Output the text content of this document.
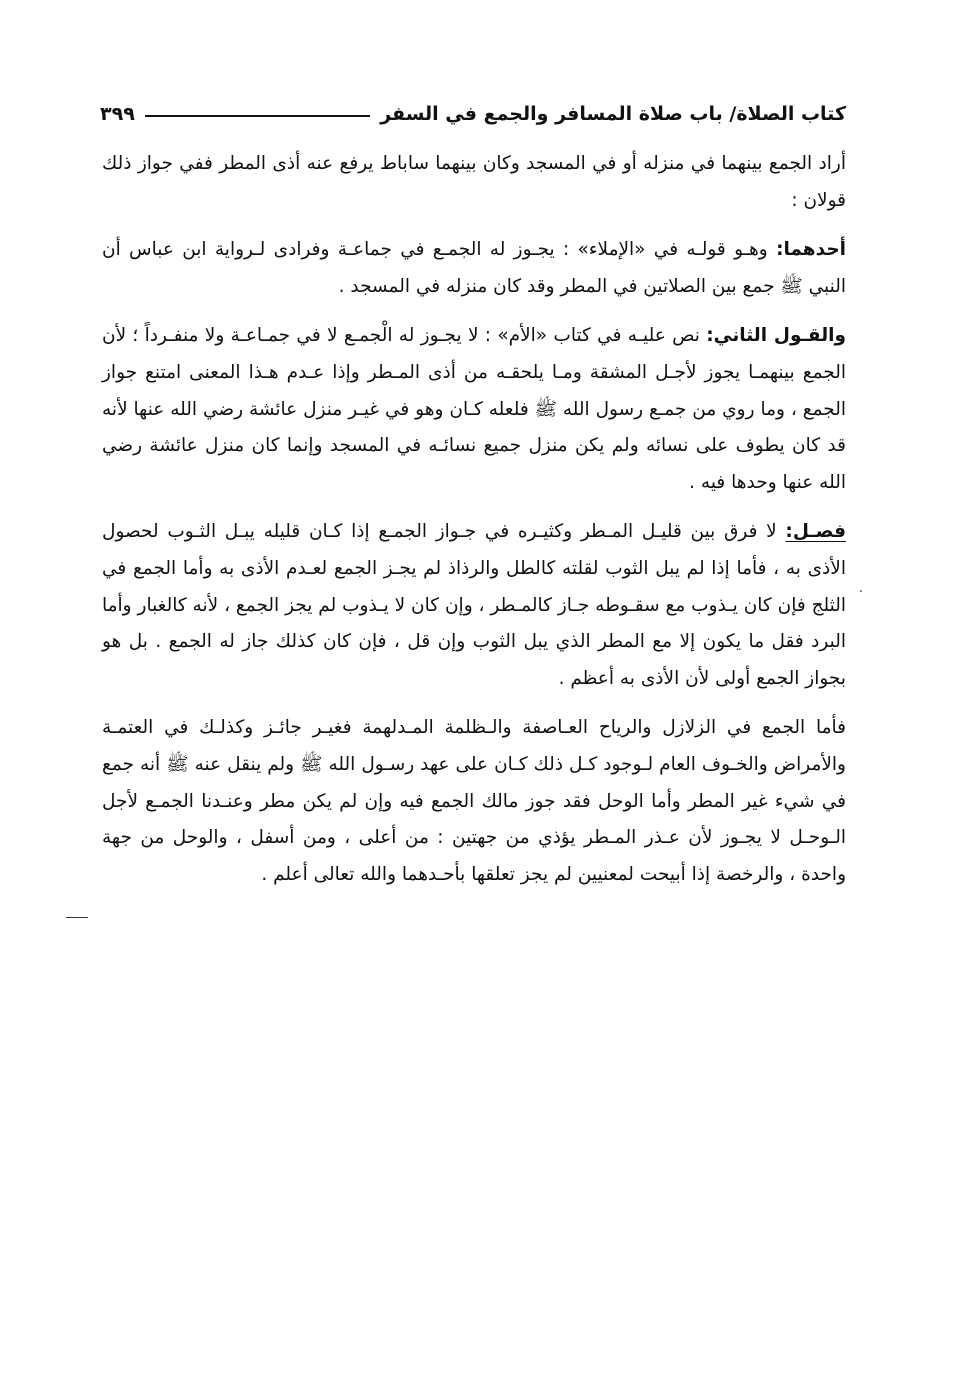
كتاب الصلاة/ باب صلاة المسافر والجمع في السفر
٣٩٩

أراد الجمع بينهما في منزله أو في المسجد وكان بينهما ساباط يرفع عنه أذى المطر ففي جواز ذلك قولان :

أحدهما: وهـو قولـه في «الإملاء» : يجـوز له الجمـع في جماعـة وفرادى لـرواية ابن عباس أن النبي ﷺ جمع بين الصلاتين في المطر وقد كان منزله في المسجد .

والقـول الثاني: نص عليـه في كتاب «الأم» : لا يجـوز له الْجمـع لا في جمـاعـة ولا منفـرداً ؛ لأن الجمع بينهمـا يجوز لأجـل المشقة ومـا يلحقـه من أذى المـطر وإذا عـدم هـذا المعنى امتنع جواز الجمع ، وما روي من جمـع رسول الله ﷺ فلعله كـان وهو في غيـر منزل عائشة رضي الله عنها لأنه قد كان يطوف على نسائه ولم يكن منزل جميع نسائـه في المسجد وإنما كان منزل عائشة رضي الله عنها وحدها فيه .

فصـل: لا فرق بين قليـل المـطر وكثيـره في جـواز الجمـع إذا كـان قليله يبـل الثـوب لحصول الأذى به ، فأما إذا لم يبل الثوب لقلته كالطل والرذاذ لم يجـز الجمع لعـدم الأذى به وأما الجمع في الثلج فإن كان يـذوب مع سقـوطه جـاز كالمـطر ، وإن كان لا يـذوب لم يجز الجمع ، لأنه كالغبار وأما البرد فقل ما يكون إلا مع المطر الذي يبل الثوب وإن قل ، فإن كان كذلك جاز له الجمع . بل هو بجواز الجمع أولى لأن الأذى به أعظم .

فأما الجمع في الزلازل والرياح العـاصفة والـظلمة المـدلهمة فغيـر جائـز وكذلـك في العتمـة والأمراض والخـوف العام لـوجود كـل ذلك كـان على عهد رسـول الله ﷺ ولم ينقل عنه ﷺ أنه جمع في شيء غير المطر وأما الوحل فقد جوز مالك الجمع فيه وإن لم يكن مطر وعنـدنا الجمـع لأجل الـوحـل لا يجـوز لأن عـذر المـطر يؤذي من جهتين : من أعلى ، ومن أسفل ، والوحل من جهة واحدة ، والرخصة إذا أبيحت لمعنيين لم يجز تعلقها بأحـدهما والله تعالى أعلم .
